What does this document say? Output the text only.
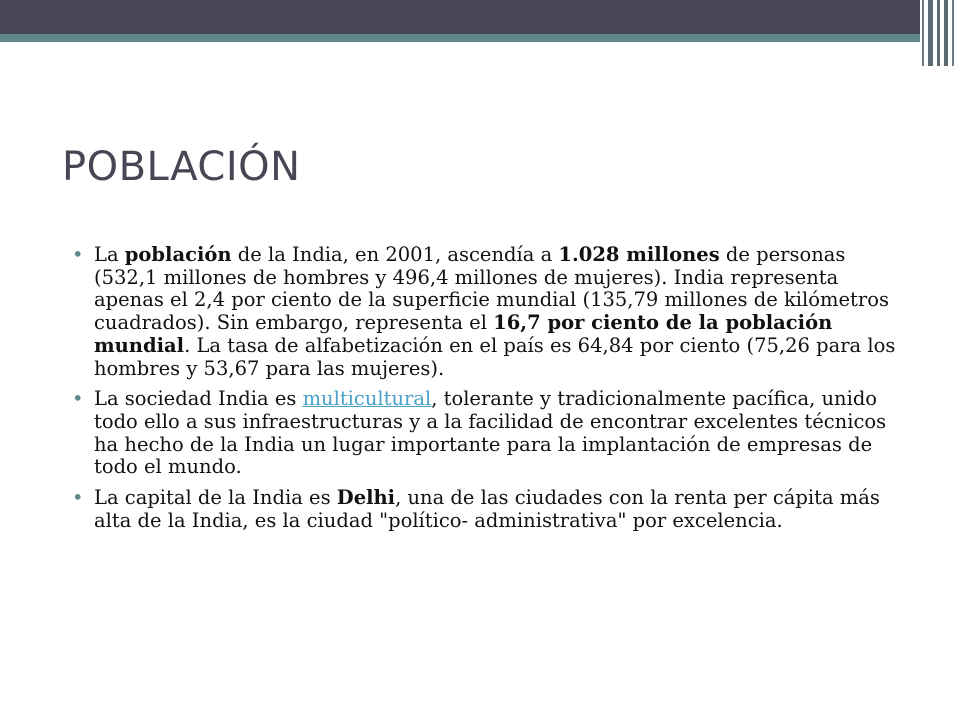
POBLACIÓN
• La población de la India, en 2001, ascendía a 1.028 millones de personas (532,1 millones de hombres y 496,4 millones de mujeres). India representa apenas el 2,4 por ciento de la superficie mundial (135,79 millones de kilómetros cuadrados). Sin embargo, representa el 16,7 por ciento de la población mundial. La tasa de alfabetización en el país es 64,84 por ciento (75,26 para los hombres y 53,67 para las mujeres).
• La sociedad India es multicultural, tolerante y tradicionalmente pacífica, unido todo ello a sus infraestructuras y a la facilidad de encontrar excelentes técnicos ha hecho de la India un lugar importante para la implantación de empresas de todo el mundo.
• La capital de la India es Delhi, una de las ciudades con la renta per cápita más alta de la India, es la ciudad "político- administrativa" por excelencia.
